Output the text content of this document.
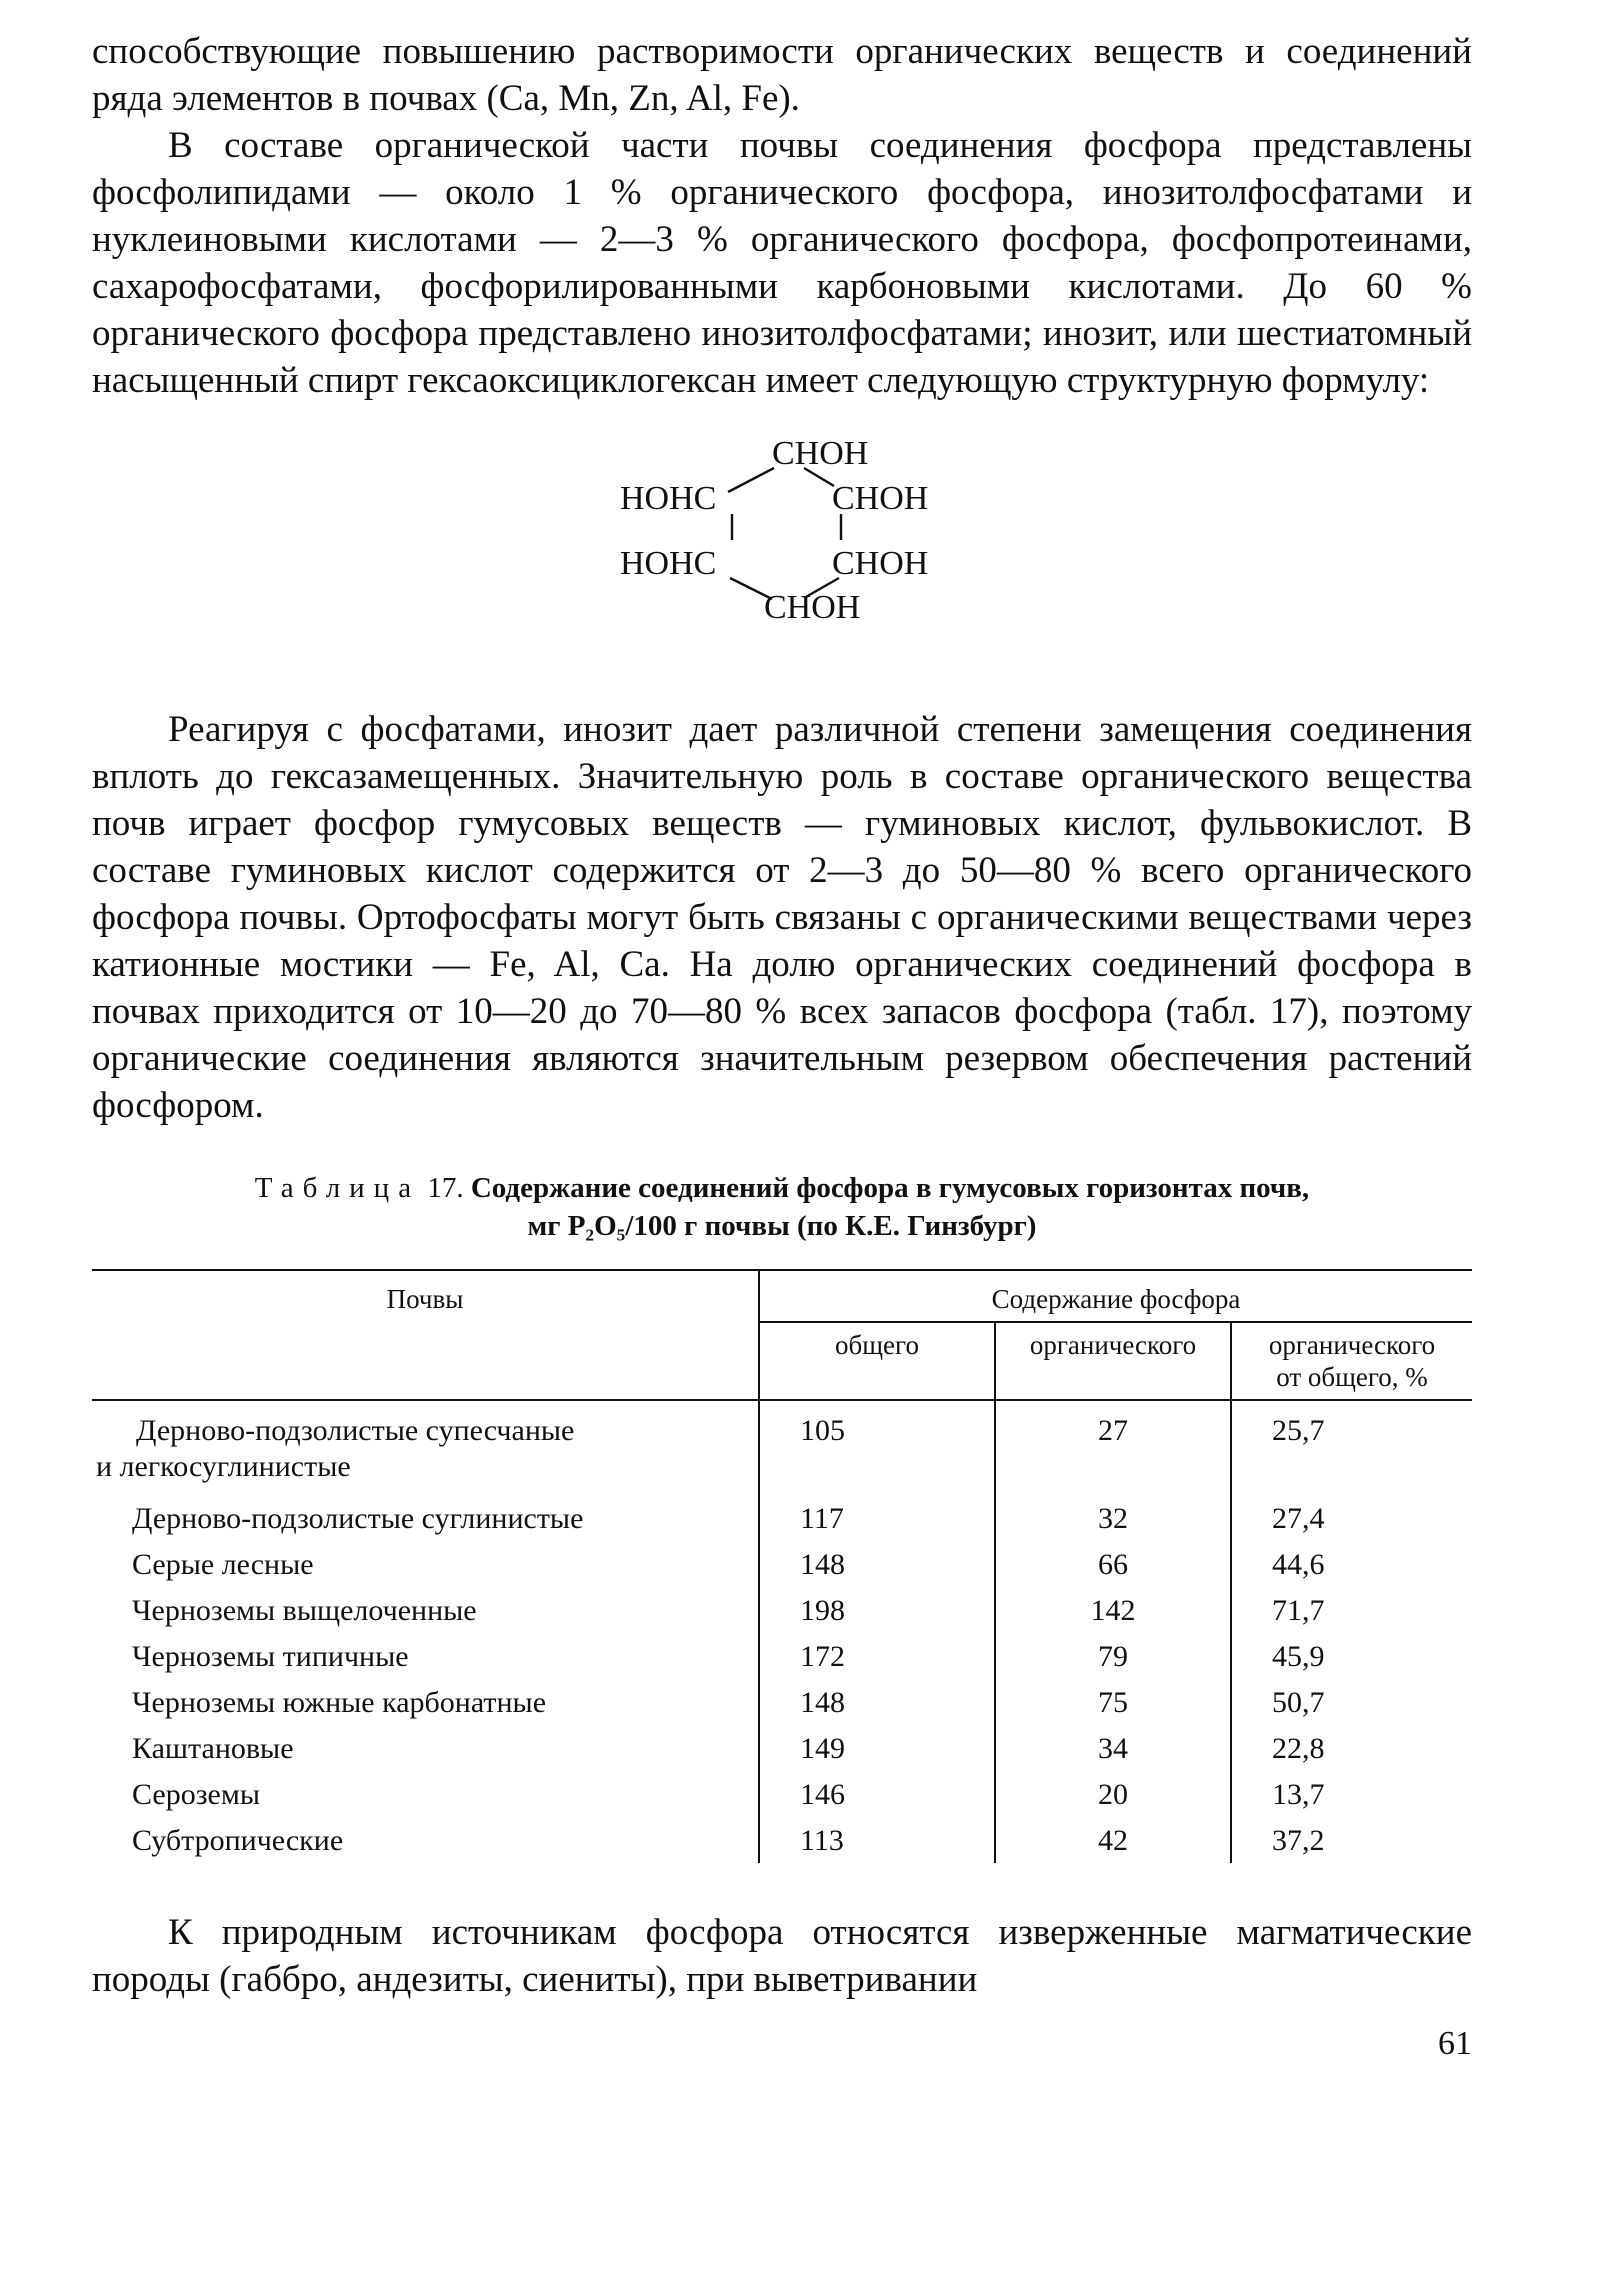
способствующие повышению растворимости органических веществ и соединений ряда элементов в почвах (Ca, Mn, Zn, Al, Fe).

В составе органической части почвы соединения фосфора представлены фосфолипидами — около 1 % органического фосфора, инозитолфосфатами и нуклеиновыми кислотами — 2—3 % органического фосфора, фосфопротеинами, сахарофосфатами, фосфорилированными карбоновыми кислотами. До 60 % органического фосфора представлено инозитолфосфатами; инозит, или шестиатомный насыщенный спирт гексаоксициклогексан имеет следующую структурную формулу:

CHOH
HOHC	CHOH
HOHC	CHOH
CHOH

Реагируя с фосфатами, инозит дает различной степени замещения соединения вплоть до гексазамещенных. Значительную роль в составе органического вещества почв играет фосфор гумусовых веществ — гуминовых кислот, фульвокислот. В составе гуминовых кислот содержится от 2—3 до 50—80 % всего органического фосфора почвы. Ортофосфаты могут быть связаны с органическими веществами через катионные мостики — Fe, Al, Ca. На долю органических соединений фосфора в почвах приходится от 10—20 до 70—80 % всех запасов фосфора (табл. 17), поэтому органические соединения являются значительным резервом обеспечения растений фосфором.

Таблица 17. Содержание соединений фосфора в гумусовых горизонтах почв,
мг P₂O₅/100 г почвы (по К.Е. Гинзбург)
Почвы	Содержание фосфора		
	общего	органического	органического
от общего, %

Дерново-подзолистые супесчаные
и легкосуглинистые	105	27	25,7
Дерново-подзолистые суглинистые	117	32	27,4
Серые лесные	148	66	44,6
Черноземы выщелоченные	198	142	71,7
Черноземы типичные	172	79	45,9
Черноземы южные карбонатные	148	75	50,7
Каштановые	149	34	22,8
Сероземы	146	20	13,7
Субтропические	113	42	37,2

К природным источникам фосфора относятся изверженные магматические породы (габбро, андезиты, сиениты), при выветривании

61
